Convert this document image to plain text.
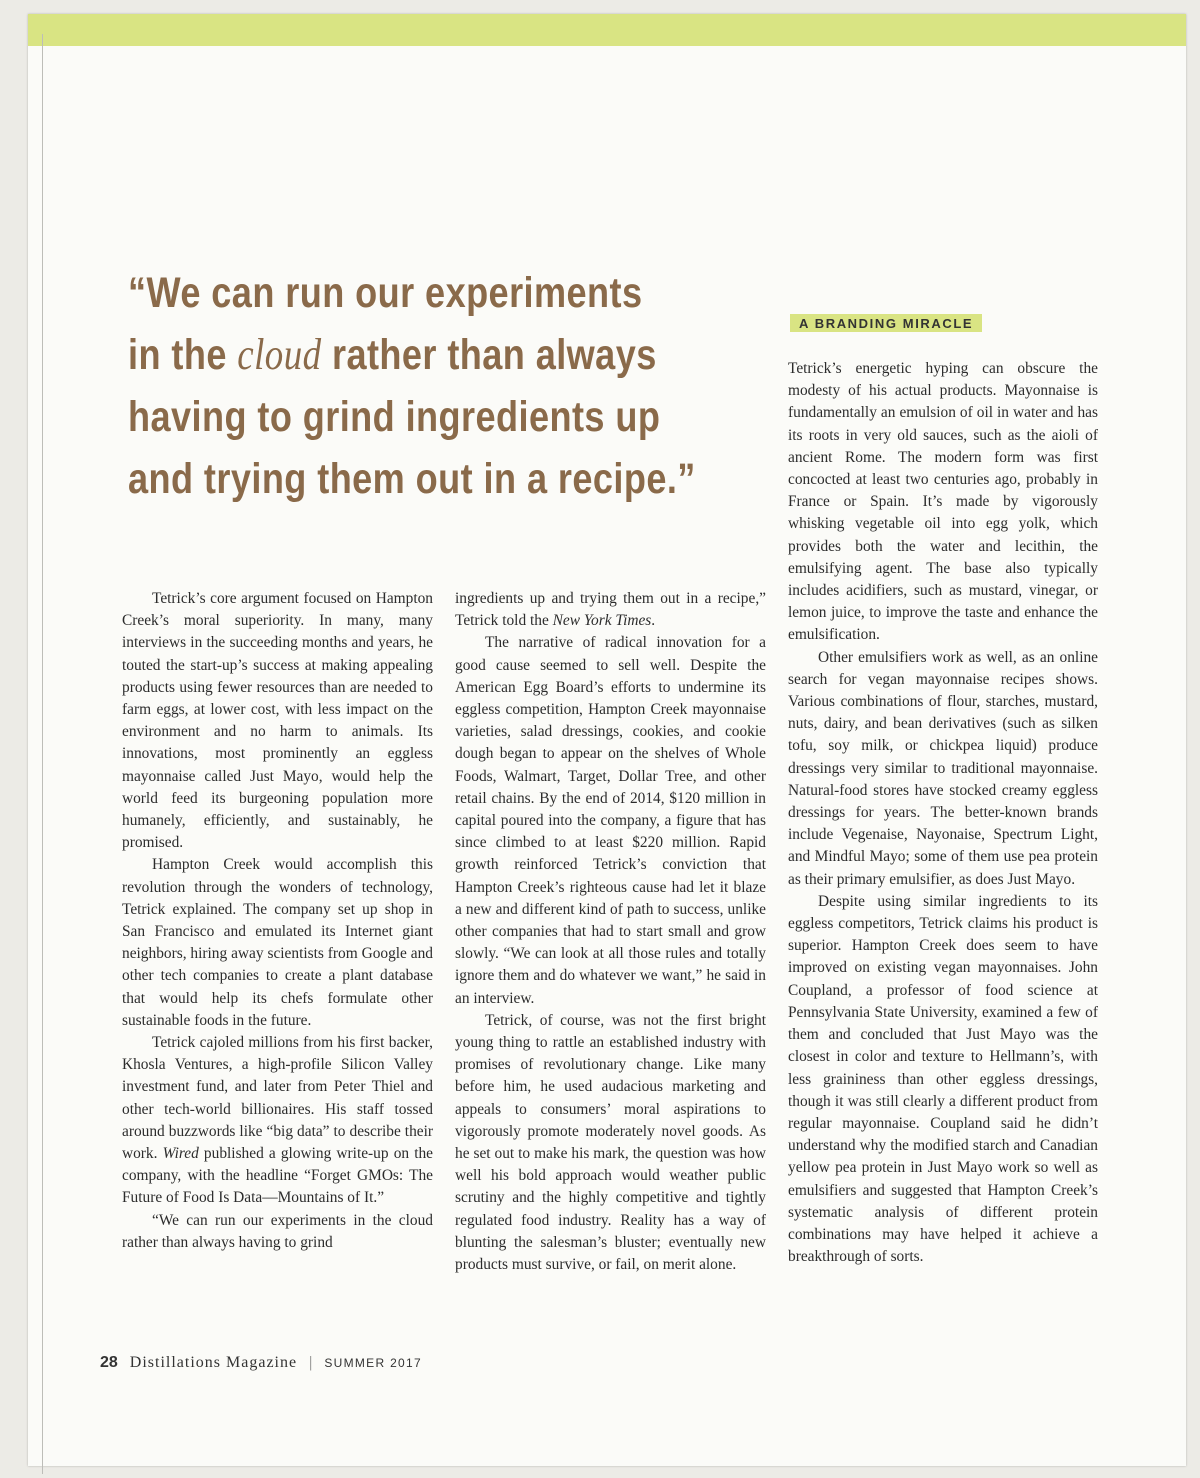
“We can run our experiments
in the cloud rather than always
having to grind ingredients up
and trying them out in a recipe.”
A BRANDING MIRACLE

Tetrick’s core argument focused on Hampton Creek’s moral superiority. In many, many interviews in the succeeding months and years, he touted the start-up’s success at making appealing products using fewer resources than are needed to farm eggs, at lower cost, with less impact on the environment and no harm to animals. Its innovations, most prominently an eggless mayonnaise called Just Mayo, would help the world feed its burgeoning population more humanely, efficiently, and sustainably, he promised.

Hampton Creek would accomplish this revolution through the wonders of technology, Tetrick explained. The company set up shop in San Francisco and emulated its Internet giant neighbors, hiring away scientists from Google and other tech companies to create a plant database that would help its chefs formulate other sustainable foods in the future.

Tetrick cajoled millions from his first backer, Khosla Ventures, a high-profile Silicon Valley investment fund, and later from Peter Thiel and other tech-world billionaires. His staff tossed around buzzwords like “big data” to describe their work. Wired published a glowing write-up on the company, with the headline “Forget GMOs: The Future of Food Is Data—Mountains of It.”

“We can run our experiments in the cloud rather than always having to grind

ingredients up and trying them out in a recipe,” Tetrick told the New York Times.

The narrative of radical innovation for a good cause seemed to sell well. Despite the American Egg Board’s efforts to undermine its eggless competition, Hampton Creek mayonnaise varieties, salad dressings, cookies, and cookie dough began to appear on the shelves of Whole Foods, Walmart, Target, Dollar Tree, and other retail chains. By the end of 2014, $120 million in capital poured into the company, a figure that has since climbed to at least $220 million. Rapid growth reinforced Tetrick’s conviction that Hampton Creek’s righteous cause had let it blaze a new and different kind of path to success, unlike other companies that had to start small and grow slowly. “We can look at all those rules and totally ignore them and do whatever we want,” he said in an interview.

Tetrick, of course, was not the first bright young thing to rattle an established industry with promises of revolutionary change. Like many before him, he used audacious marketing and appeals to consumers’ moral aspirations to vigorously promote moderately novel goods. As he set out to make his mark, the question was how well his bold approach would weather public scrutiny and the highly competitive and tightly regulated food industry. Reality has a way of blunting the salesman’s bluster; eventually new products must survive, or fail, on merit alone.

Tetrick’s energetic hyping can obscure the modesty of his actual products. Mayonnaise is fundamentally an emulsion of oil in water and has its roots in very old sauces, such as the aioli of ancient Rome. The modern form was first concocted at least two centuries ago, probably in France or Spain. It’s made by vigorously whisking vegetable oil into egg yolk, which provides both the water and lecithin, the emulsifying agent. The base also typically includes acidifiers, such as mustard, vinegar, or lemon juice, to improve the taste and enhance the emulsification.

Other emulsifiers work as well, as an online search for vegan mayonnaise recipes shows. Various combinations of flour, starches, mustard, nuts, dairy, and bean derivatives (such as silken tofu, soy milk, or chickpea liquid) produce dressings very similar to traditional mayonnaise. Natural-food stores have stocked creamy eggless dressings for years. The better-known brands include Vegenaise, Nayonaise, Spectrum Light, and Mindful Mayo; some of them use pea protein as their primary emulsifier, as does Just Mayo.

Despite using similar ingredients to its eggless competitors, Tetrick claims his product is superior. Hampton Creek does seem to have improved on existing vegan mayonnaises. John Coupland, a professor of food science at Pennsylvania State University, examined a few of them and concluded that Just Mayo was the closest in color and texture to Hellmann’s, with less graininess than other eggless dressings, though it was still clearly a different product from regular mayonnaise. Coupland said he didn’t understand why the modified starch and Canadian yellow pea protein in Just Mayo work so well as emulsifiers and suggested that Hampton Creek’s systematic analysis of different protein combinations may have helped it achieve a breakthrough of sorts.

28 Distillations Magazine | SUMMER 2017
